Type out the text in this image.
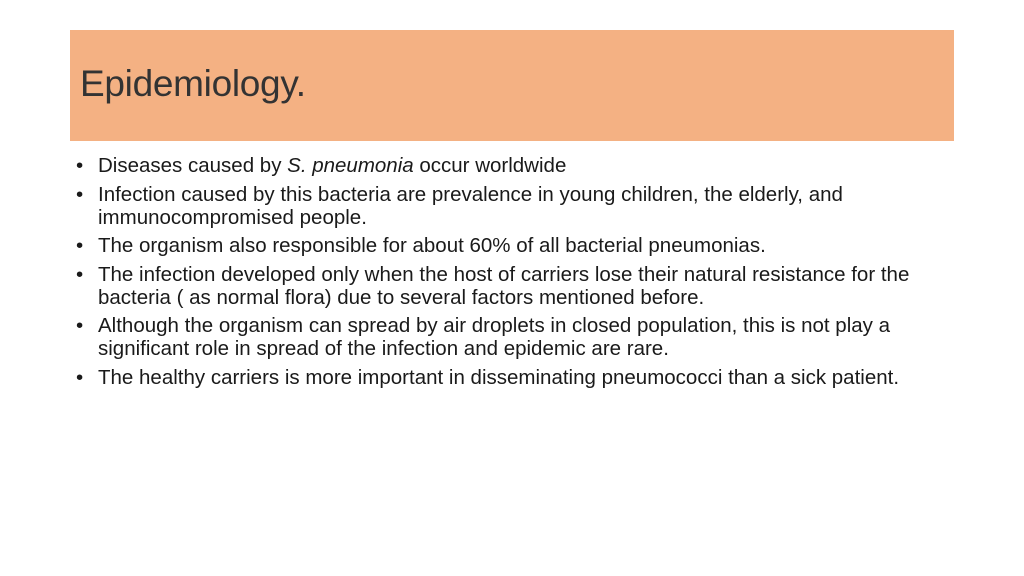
Epidemiology.
• Diseases caused by S. pneumonia occur worldwide
• Infection caused by this bacteria are prevalence in young children, the elderly, and immunocompromised people.
• The organism also responsible for about 60% of all bacterial pneumonias.
• The infection developed only when the host of carriers lose their natural resistance for the bacteria ( as normal flora) due to several factors mentioned before.
• Although the organism can spread by air droplets in closed population, this is not play a significant role in spread of the infection and epidemic are rare.
• The healthy carriers is more important in disseminating pneumococci than a sick patient.
